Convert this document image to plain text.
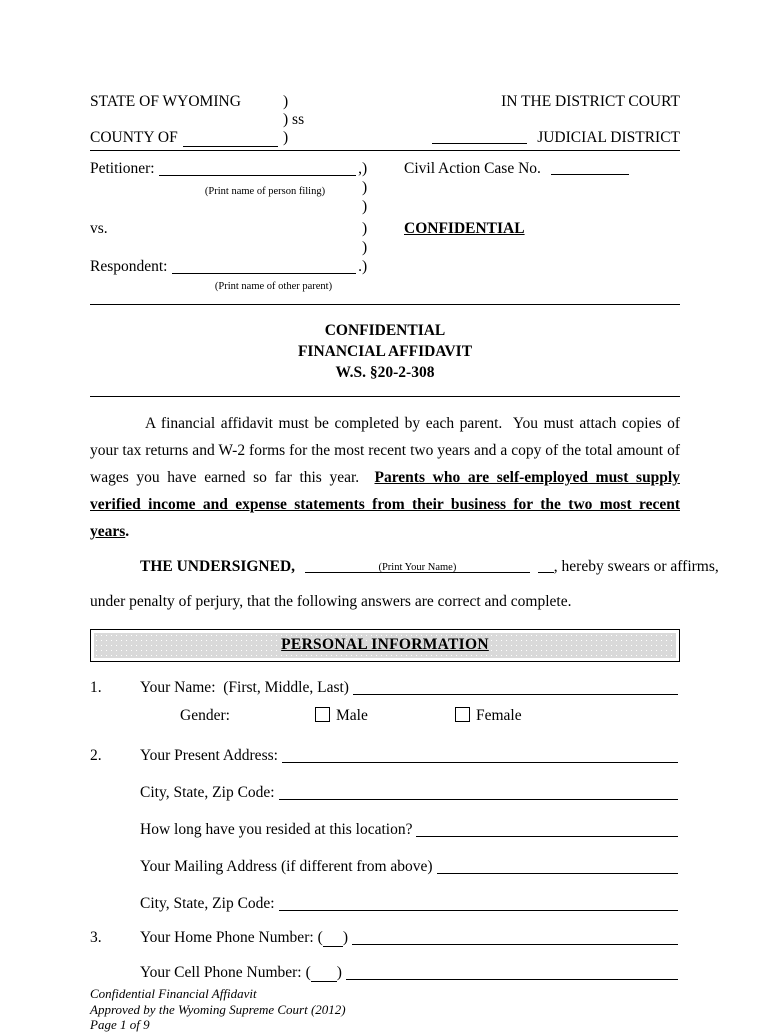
STATE OF WYOMING	)	IN THE DISTRICT COURT
) ss
COUNTY OF	)	JUDICIAL DISTRICT
Petitioner:	, )	Civil Action Case No.
(Print name of person filing)	)
)
vs.	)	CONFIDENTIAL
)
Respondent:	. )
(Print name of other parent)
CONFIDENTIAL
FINANCIAL AFFIDAVIT
W.S. §20-2-308
A financial affidavit must be completed by each parent.  You must attach copies of your tax returns and W-2 forms for the most recent two years and a copy of the total amount of wages you have earned so far this year.  Parents who are self-employed must supply verified income and expense statements from their business for the two most recent years.
THE UNDERSIGNED,	(Print Your Name)	, hereby swears or affirms,
under penalty of perjury, that the following answers are correct and complete.
PERSONAL INFORMATION
1.	Your Name:  (First, Middle, Last)
Gender:	Male	Female
2.	Your Present Address:
City, State, Zip Code:
How long have you resided at this location?
Your Mailing Address (if different from above)
City, State, Zip Code:
3.	Your Home Phone Number: ( )
Your Cell Phone Number: ( )
Confidential Financial Affidavit
Approved by the Wyoming Supreme Court (2012)
Page 1 of 9
